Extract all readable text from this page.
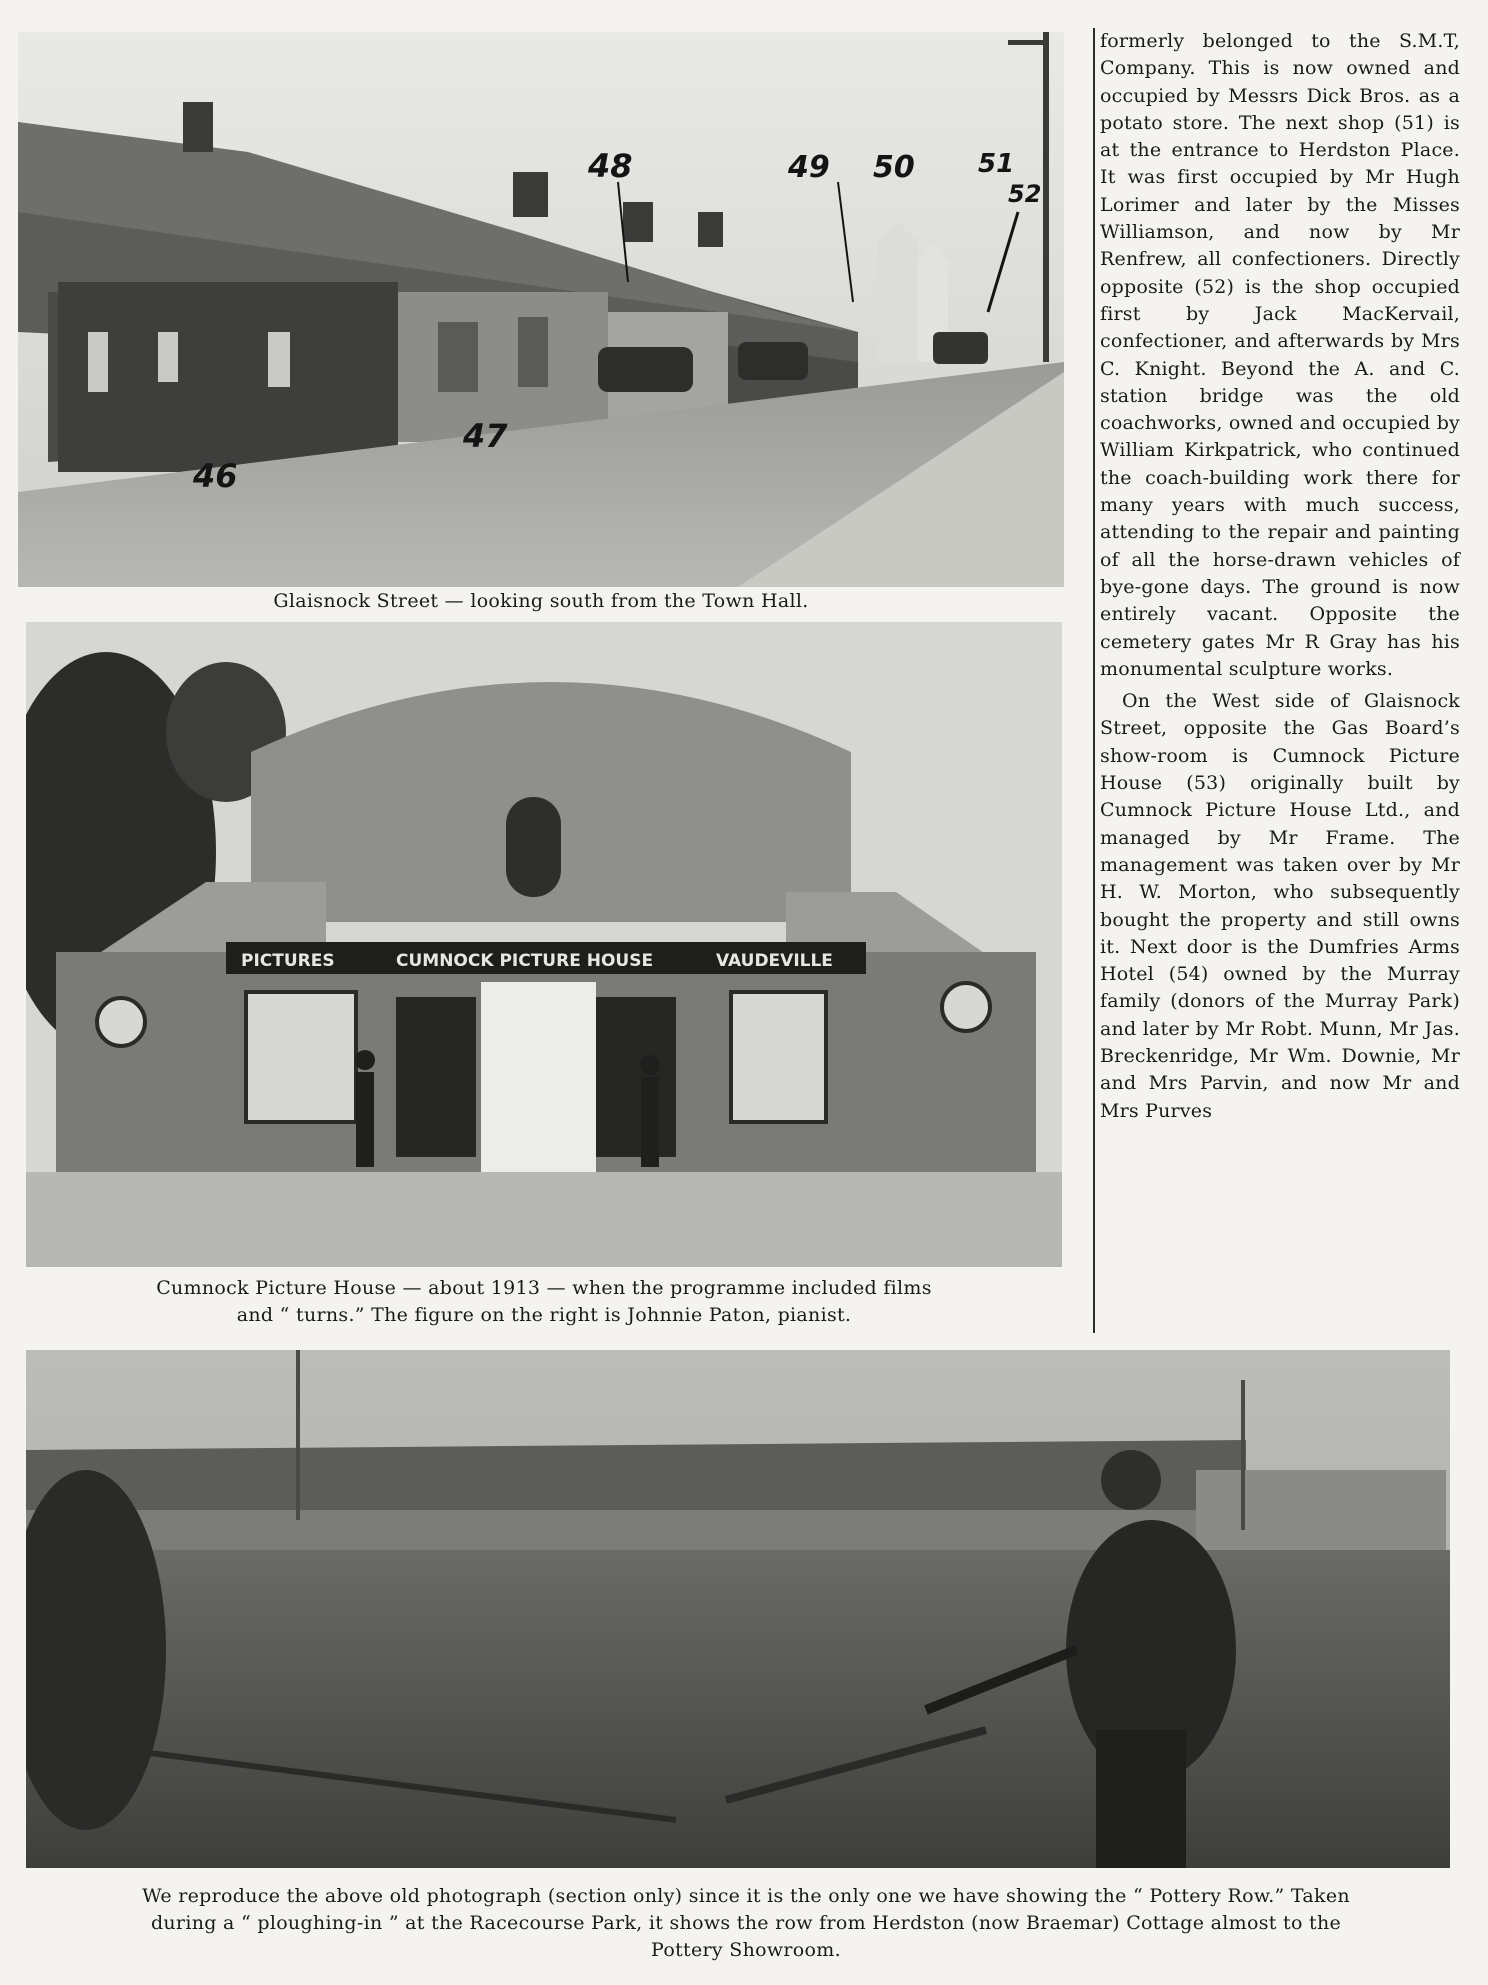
46
47
48	49 50 51
52
Glaisnock Street — looking south from the Town Hall.
PICTURES	CUMNOCK PICTURE HOUSE	VAUDEVILLE
Cumnock Picture House — about 1913 — when the programme included films
and “ turns.” The figure on the right is Johnnie Paton, pianist.

formerly belonged to the S.M.T, Company. This is now owned and occupied by Messrs Dick Bros. as a potato store. The next shop (51) is at the entrance to Herdston Place. It was first occupied by Mr Hugh Lorimer and later by the Misses Williamson, and now by Mr Renfrew, all confectioners. Directly opposite (52) is the shop occupied first by Jack MacKervail, confectioner, and afterwards by Mrs C. Knight. Beyond the A. and C. station bridge was the old coachworks, owned and occupied by William Kirkpatrick, who continued the coach-building work there for many years with much success, attending to the repair and painting of all the horse-drawn vehicles of bye-gone days. The ground is now entirely vacant. Opposite the cemetery gates Mr R Gray has his monumental sculpture works.

On the West side of Glaisnock Street, opposite the Gas Board’s show-room is Cumnock Picture House (53) originally built by Cumnock Picture House Ltd., and managed by Mr Frame. The management was taken over by Mr H. W. Morton, who subsequently bought the property and still owns it. Next door is the Dumfries Arms Hotel (54) owned by the Murray family (donors of the Murray Park) and later by Mr Robt. Munn, Mr Jas. Breckenridge, Mr Wm. Downie, Mr and Mrs Parvin, and now Mr and Mrs Purves

We reproduce the above old photograph (section only) since it is the only one we have showing the “ Pottery Row.” Taken
during a “ ploughing-in ” at the Racecourse Park, it shows the row from Herdston (now Braemar) Cottage almost to the
Pottery Showroom.
